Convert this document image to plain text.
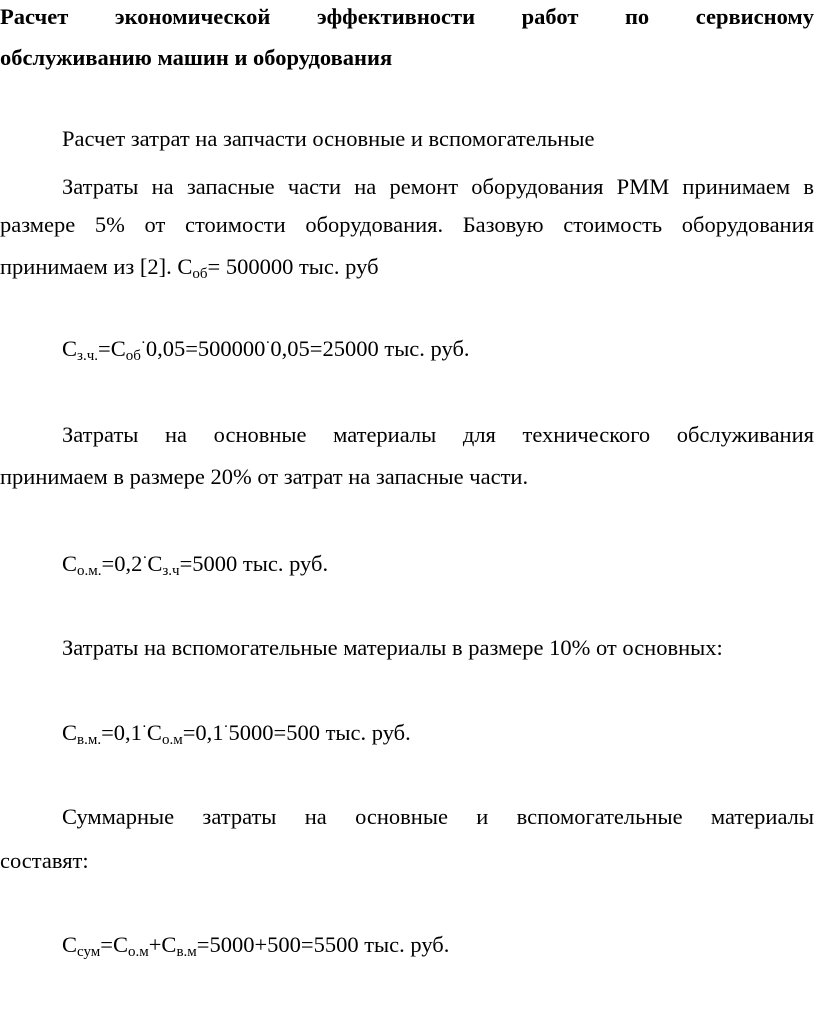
Расчет экономической эффективности работ по сервисному

обслуживанию машин и оборудования

Расчет затрат на запчасти основные и вспомогательные

Затраты на запасные части на ремонт оборудования РММ принимаем в

размере 5% от стоимости оборудования. Базовую стоимость оборудования

принимаем из [2]. $С_{об}= 500000$ тыс. руб

$С_{з.ч.}=С_{об}^\cdot 0,05=500000^\cdot 0,05=25000$ тыс. руб.

Затраты на основные материалы для технического обслуживания

принимаем в размере 20% от затрат на запасные части.

$С_{о.м.}=0,2^\cdot С_{з.ч}=5000$ тыс. руб.

Затраты на вспомогательные материалы в размере 10% от основных:

$С_{в.м.}=0,1^\cdot С_{о.м}=0,1^\cdot 5000=500$ тыс. руб.

Суммарные затраты на основные и вспомогательные материалы

составят:

$С_{сум}=С_{о.м}+С_{в.м}=5000+500=5500$ тыс. руб.
